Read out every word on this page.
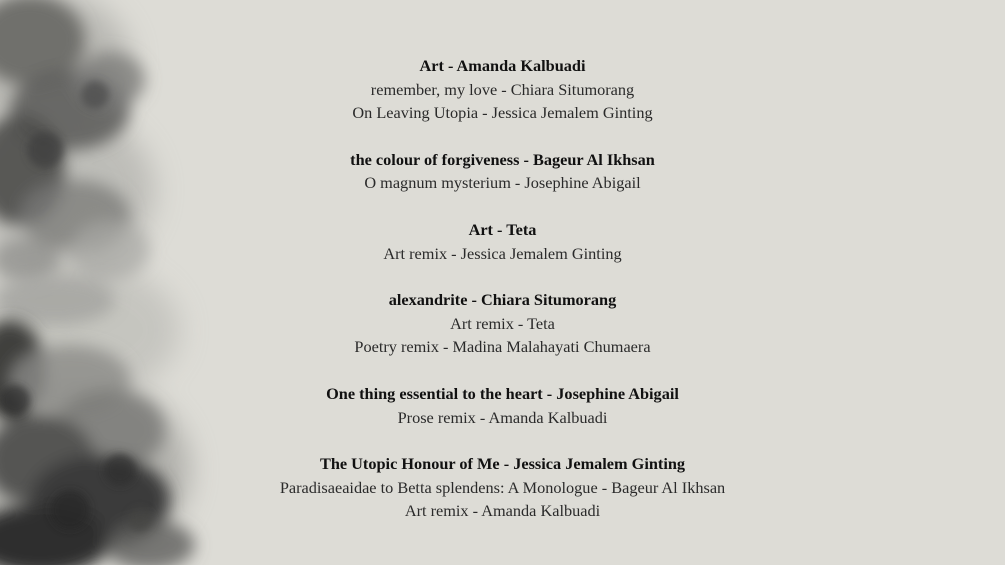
Art - Amanda Kalbuadi
remember, my love - Chiara Situmorang
On Leaving Utopia - Jessica Jemalem Ginting
the colour of forgiveness - Bageur Al Ikhsan
O magnum mysterium - Josephine Abigail
Art - Teta
Art remix - Jessica Jemalem Ginting
alexandrite - Chiara Situmorang
Art remix - Teta
Poetry remix - Madina Malahayati Chumaera
One thing essential to the heart - Josephine Abigail
Prose remix - Amanda Kalbuadi
The Utopic Honour of Me - Jessica Jemalem Ginting
Paradisaeaidae to Betta splendens: A Monologue - Bageur Al Ikhsan
Art remix - Amanda Kalbuadi
